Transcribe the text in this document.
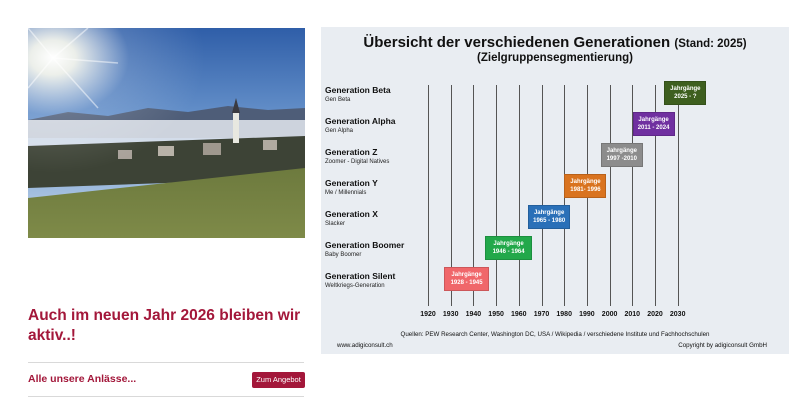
Auch im neuen Jahr 2026 bleiben wir aktiv..!
Alle unsere Anlässe...	Zum Angebot
Übersicht der verschiedenen Generationen (Stand: 2025)
(Zielgruppensegmentierung)
Generation Beta
Gen Beta
Generation Alpha
Gen Alpha
Generation Z
Zoomer - Digital Natives
Generation Y
Me / Millennials
Generation X
Slacker
Generation Boomer
Baby Boomer
Generation Silent
Weltkriegs-Generation
Jahrgänge
2025 - ?
Jahrgänge
2011 - 2024
Jahrgänge
1997 -2010
Jahrgänge
1981- 1996
Jahrgänge
1965 - 1980
Jahrgänge
1946 - 1964
Jahrgänge
1928 - 1945
1920	1930	1940	1950	1960	1970	1980	1990	2000	2010	2020	2030
Quellen: PEW Research Center, Washington DC, USA / Wikipedia / verschiedene Institute und Fachhochschulen
www.adigiconsult.ch	Copyright by adigiconsult GmbH
